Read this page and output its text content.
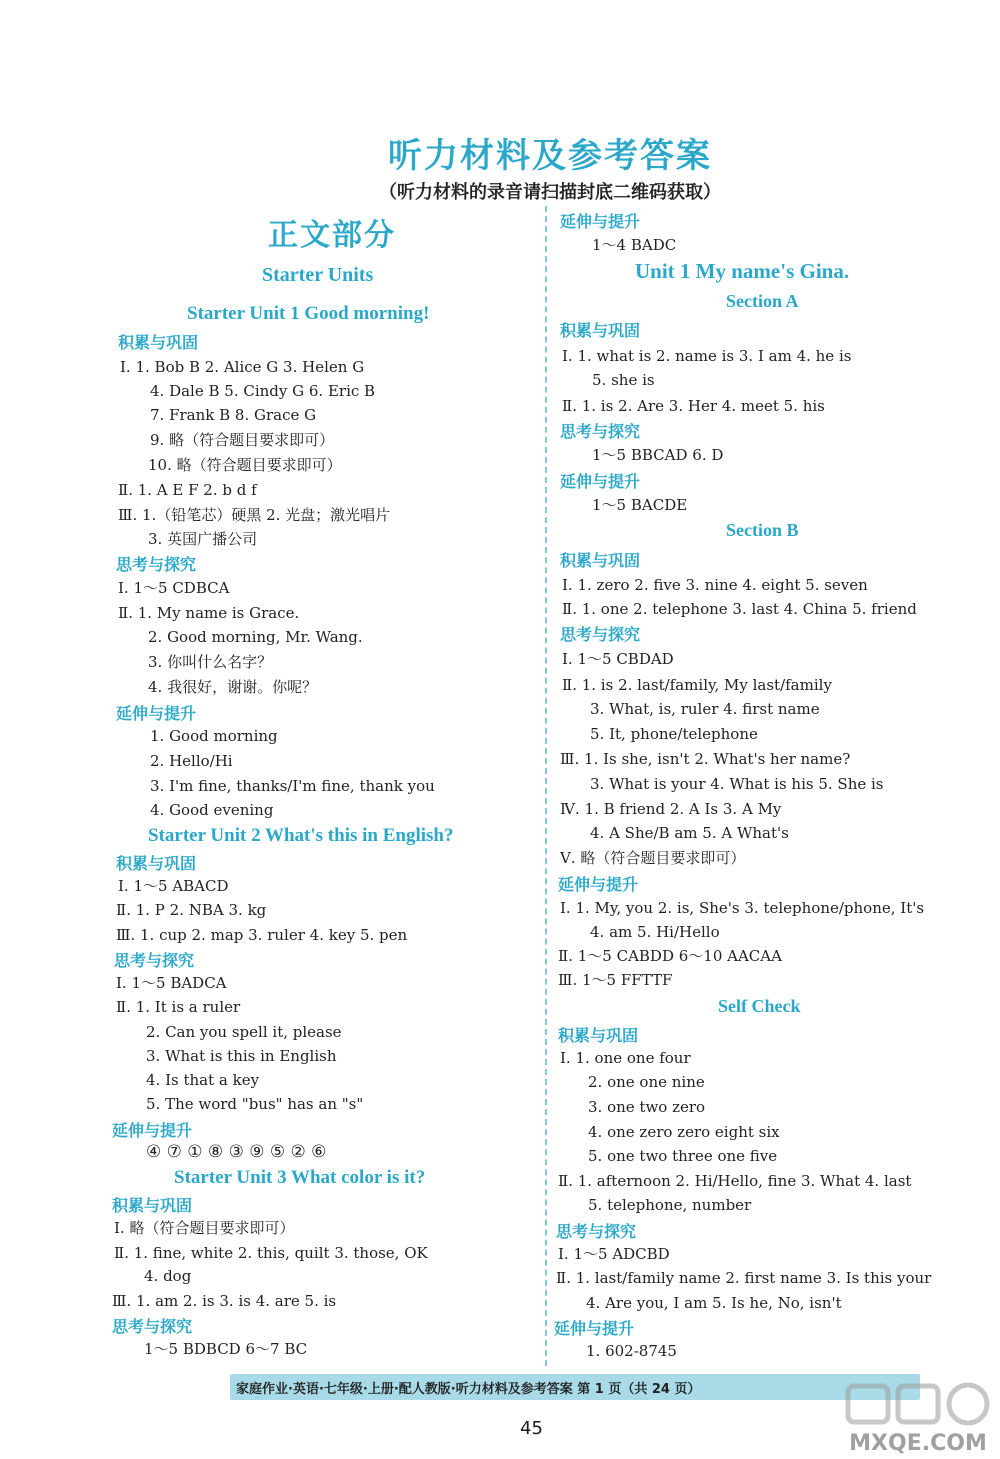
听力材料及参考答案
（听力材料的录音请扫描封底二维码获取）
正文部分
Starter Units
Starter Unit 1 Good morning!
积累与巩固
Ⅰ. 1. Bob B 2. Alice G 3. Helen G
4. Dale B 5. Cindy G 6. Eric B
7. Frank B 8. Grace G
9. 略（符合题目要求即可）
10. 略（符合题目要求即可）
Ⅱ. 1. A E F 2. b d f
Ⅲ. 1.（铅笔芯）硬黑 2. 光盘；激光唱片
3. 英国广播公司
思考与探究
Ⅰ. 1～5 CDBCA
Ⅱ. 1. My name is Grace.
2. Good morning, Mr. Wang.
3. 你叫什么名字？
4. 我很好，谢谢。你呢？
延伸与提升
1. Good morning
2. Hello/Hi
3. I'm fine, thanks/I'm fine, thank you
4. Good evening
Starter Unit 2 What's this in English?
积累与巩固
Ⅰ. 1～5 ABACD
Ⅱ. 1. P 2. NBA 3. kg
Ⅲ. 1. cup 2. map 3. ruler 4. key 5. pen
思考与探究
Ⅰ. 1～5 BADCA
Ⅱ. 1. It is a ruler
2. Can you spell it, please
3. What is this in English
4. Is that a key
5. The word "bus" has an "s"
延伸与提升
④ ⑦ ① ⑧ ③ ⑨ ⑤ ② ⑥
Starter Unit 3 What color is it?
积累与巩固
Ⅰ. 略（符合题目要求即可）
Ⅱ. 1. fine, white 2. this, quilt 3. those, OK
4. dog
Ⅲ. 1. am 2. is 3. is 4. are 5. is
思考与探究
1～5 BDBCD 6～7 BC
延伸与提升
1～4 BADC
Unit 1 My name's Gina.
Section A
积累与巩固
Ⅰ. 1. what is 2. name is 3. I am 4. he is
5. she is
Ⅱ. 1. is 2. Are 3. Her 4. meet 5. his
思考与探究
1～5 BBCAD 6. D
延伸与提升
1～5 BACDE
Section B
积累与巩固
Ⅰ. 1. zero 2. five 3. nine 4. eight 5. seven
Ⅱ. 1. one 2. telephone 3. last 4. China 5. friend
思考与探究
Ⅰ. 1～5 CBDAD
Ⅱ. 1. is 2. last/family, My last/family
3. What, is, ruler 4. first name
5. It, phone/telephone
Ⅲ. 1. Is she, isn't 2. What's her name?
3. What is your 4. What is his 5. She is
Ⅳ. 1. B friend 2. A Is 3. A My
4. A She/B am 5. A What's
Ⅴ. 略（符合题目要求即可）
延伸与提升
Ⅰ. 1. My, you 2. is, She's 3. telephone/phone, It's
4. am 5. Hi/Hello
Ⅱ. 1～5 CABDD 6～10 AACAA
Ⅲ. 1～5 FFTTF
Self Check
积累与巩固
Ⅰ. 1. one one four
2. one one nine
3. one two zero
4. one zero zero eight six
5. one two three one five
Ⅱ. 1. afternoon 2. Hi/Hello, fine 3. What 4. last
5. telephone, number
思考与探究
Ⅰ. 1～5 ADCBD
Ⅱ. 1. last/family name 2. first name 3. Is this your
4. Are you, I am 5. Is he, No, isn't
延伸与提升
1. 602-8745
家庭作业·英语·七年级·上册·配人教版·听力材料及参考答案 第 1 页（共 24 页）
45
MXQE.COM
